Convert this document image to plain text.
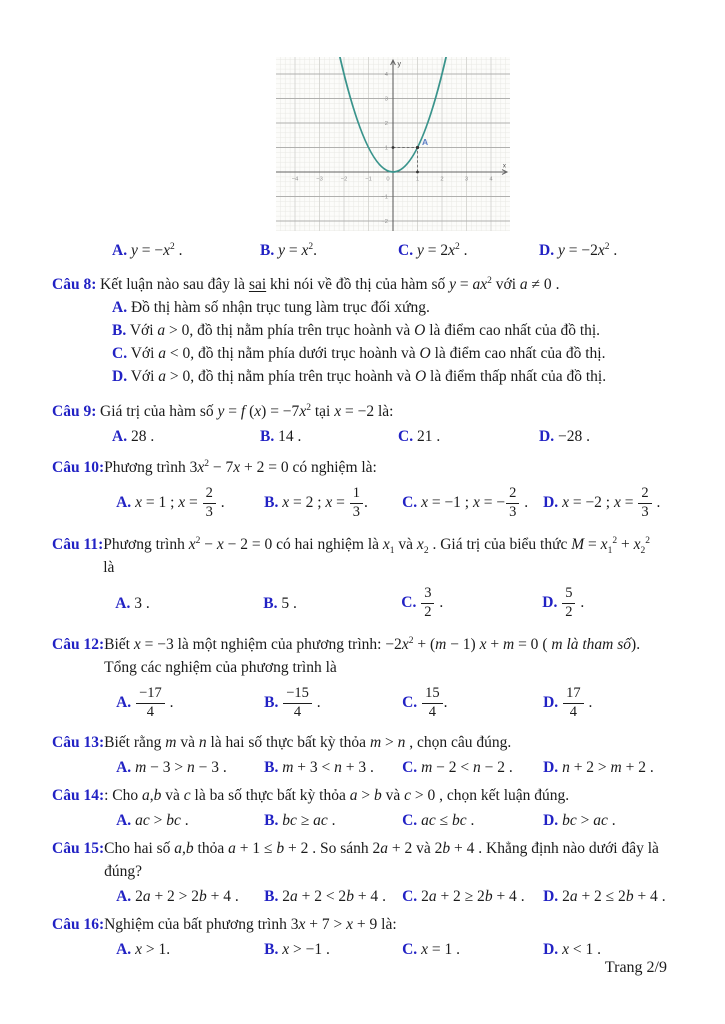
A
−4	−3	−2	−1	0	1	2	3	4
−2
−1
1
2
3
4
y
x
A. $y = -x^2$ .	B. $y = x^2$.	C. $y = 2x^2$ .	D. $y = -2x^2$ .
Câu 8: Kết luận nào sau đây là sai khi nói về đồ thị của hàm số $y = ax^2$ với a ≠ 0 .
A. Đồ thị hàm số nhận trục tung làm trục đối xứng.
B. Với a > 0, đồ thị nằm phía trên trục hoành và O là điểm cao nhất của đồ thị.
C. Với a < 0, đồ thị nằm phía dưới trục hoành và O là điểm cao nhất của đồ thị.
D. Với a > 0, đồ thị nằm phía trên trục hoành và O là điểm thấp nhất của đồ thị.
Câu 9: Giá trị của hàm số y = f $(x) = -7x^2$ tại x = −2 là:
A. 28 .	B. 14 .	C. 21 .	D. −28 .
Câu 10: Phương trình $3x^2 - 7x + 2 = 0$ có nghiệm là:
A. x = 1 ; $x = \frac{2}{3}$ .	B. x = 2 ; $x = \frac{1}{3}$ .	C. x = −1 ; x = − $\frac{2}{3}$ . D. x = −2 ; $x = \frac{2}{3}$ .
Câu 11: Phương trình $x^2 - x - 2 = 0$ có hai nghiệm là $x_1$ và $x_2$ . Giá trị của biểu thức $M = x_1^2 + x_2^2$
là
A. 3 .	B. 5 .	C. $\frac{3}{2}$ .	D. $\frac{5}{2}$ .
Câu 12: Biết x = −3 là một nghiệm của phương trình: $-2x^2 + (m - 1) x + m = 0$ ( m là tham số).
Tổng các nghiệm của phương trình là
A. $\frac{-17}{4}$ .	B. $\frac{-15}{4}$ .	C. $\frac{15}{4}$ .	D. $\frac{17}{4}$ .
Câu 13: Biết rằng m và n là hai số thực bất kỳ thỏa m > n , chọn câu đúng.
A. m − 3 > n − 3 .	B. m + 3 < n + 3 .	C. m − 2 < n − 2 .	D. n + 2 > m + 2 .
Câu 14: : Cho a,b và c là ba số thực bất kỳ thỏa a > b và c > 0 , chọn kết luận đúng.
A. ac > bc .	B. bc ≥ ac .	C. ac ≤ bc .	D. bc > ac .
Câu 15: Cho hai số a,b thỏa a + 1 ≤ b + 2 . So sánh 2a + 2 và 2b + 4 . Khẳng định nào dưới đây là
đúng?
A. 2a + 2 > 2b + 4 .	B. 2a + 2 < 2b + 4 .	C. 2a + 2 ≥ 2b + 4 .	D. 2a + 2 ≤ 2b + 4 .
Câu 16: Nghiệm của bất phương trình 3x + 7 > x + 9 là:
A. x > 1.	B. x > −1 .	C. x = 1 .	D. x < 1 .
Trang 2/9
